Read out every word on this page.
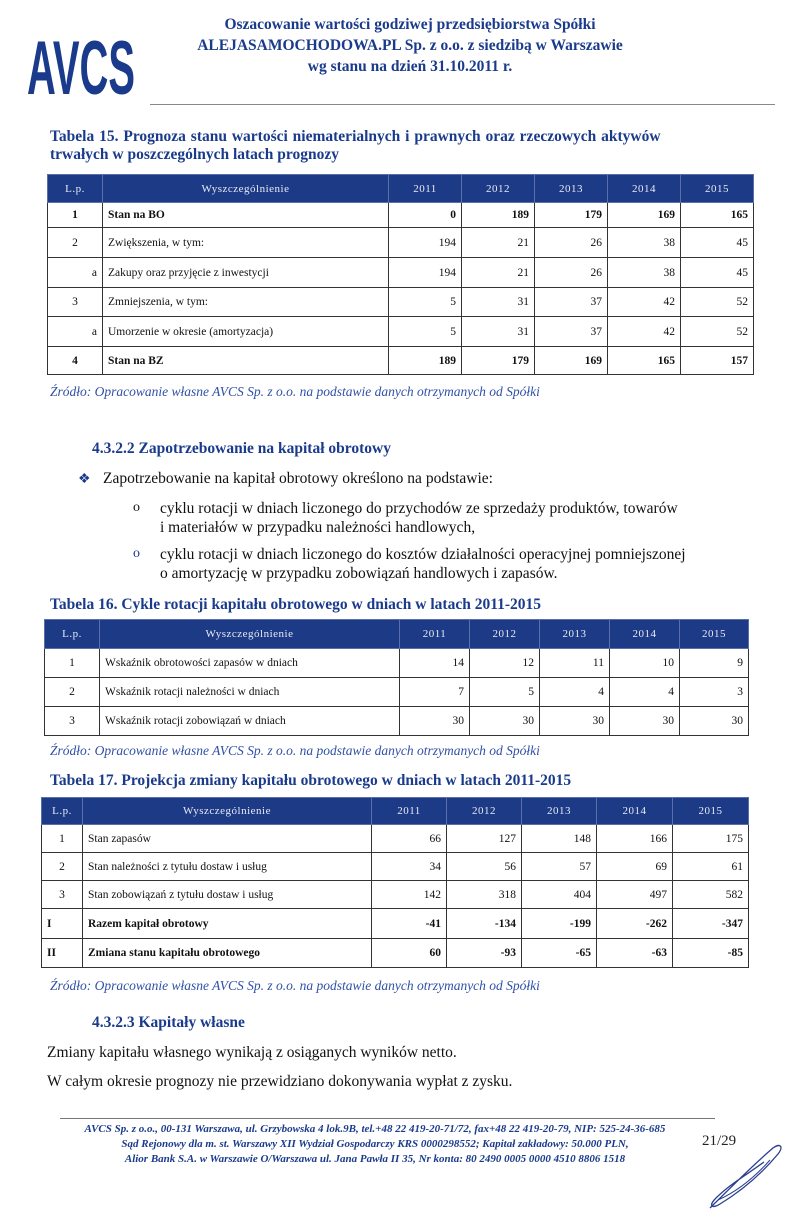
AVCS
Oszacowanie wartości godziwej przedsiębiorstwa Spółki
ALEJASAMOCHODOWA.PL Sp. z o.o. z siedzibą w Warszawie
wg stanu na dzień 31.10.2011 r.
Tabela 15. Prognoza stanu wartości niematerialnych i prawnych oraz rzeczowych aktywów
trwałych w poszczególnych latach prognozy
L.p.	Wyszczególnienie	2011	2012	2013	2014	2015
1	Stan na BO	0	189	179	169	165
2	Zwiększenia, w tym:	194	21	26	38	45
a	Zakupy oraz przyjęcie z inwestycji	194	21	26	38	45
3	Zmniejszenia, w tym:	5	31	37	42	52
a	Umorzenie w okresie (amortyzacja)	5	31	37	42	52
4	Stan na BZ	189	179	169	165	157
Źródło: Opracowanie własne AVCS Sp. z o.o. na podstawie danych otrzymanych od Spółki
4.3.2.2 Zapotrzebowanie na kapitał obrotowy
❖ Zapotrzebowanie na kapitał obrotowy określono na podstawie:
o cyklu rotacji w dniach liczonego do przychodów ze sprzedaży produktów, towarów
i materiałów w przypadku należności handlowych,
o cyklu rotacji w dniach liczonego do kosztów działalności operacyjnej pomniejszonej
o amortyzację w przypadku zobowiązań handlowych i zapasów.
Tabela 16. Cykle rotacji kapitału obrotowego w dniach w latach 2011-2015
L.p.	Wyszczególnienie	2011	2012	2013	2014	2015
1	Wskaźnik obrotowości zapasów w dniach	14	12	11	10	9
2	Wskaźnik rotacji należności w dniach	7	5	4	4	3
3	Wskaźnik rotacji zobowiązań w dniach	30	30	30	30	30
Źródło: Opracowanie własne AVCS Sp. z o.o. na podstawie danych otrzymanych od Spółki
Tabela 17. Projekcja zmiany kapitału obrotowego w dniach w latach 2011-2015
L.p.	Wyszczególnienie	2011	2012	2013	2014	2015
1	Stan zapasów	66	127	148	166	175
2	Stan należności z tytułu dostaw i usług	34	56	57	69	61
3	Stan zobowiązań z tytułu dostaw i usług	142	318	404	497	582
I	Razem kapitał obrotowy	-41	-134	-199	-262	-347
II	Zmiana stanu kapitału obrotowego	60	-93	-65	-63	-85
Źródło: Opracowanie własne AVCS Sp. z o.o. na podstawie danych otrzymanych od Spółki
4.3.2.3 Kapitały własne
Zmiany kapitału własnego wynikają z osiąganych wyników netto.
W całym okresie prognozy nie przewidziano dokonywania wypłat z zysku.
AVCS Sp. z o.o., 00-131 Warszawa, ul. Grzybowska 4 lok.9B, tel.+48 22 419-20-71/72, fax+48 22 419-20-79, NIP: 525-24-36-685
Sąd Rejonowy dla m. st. Warszawy XII Wydział Gospodarczy KRS 0000298552; Kapitał zakładowy: 50.000 PLN,
Alior Bank S.A. w Warszawie O/Warszawa ul. Jana Pawła II 35, Nr konta: 80 2490 0005 0000 4510 8806 1518
21/29
